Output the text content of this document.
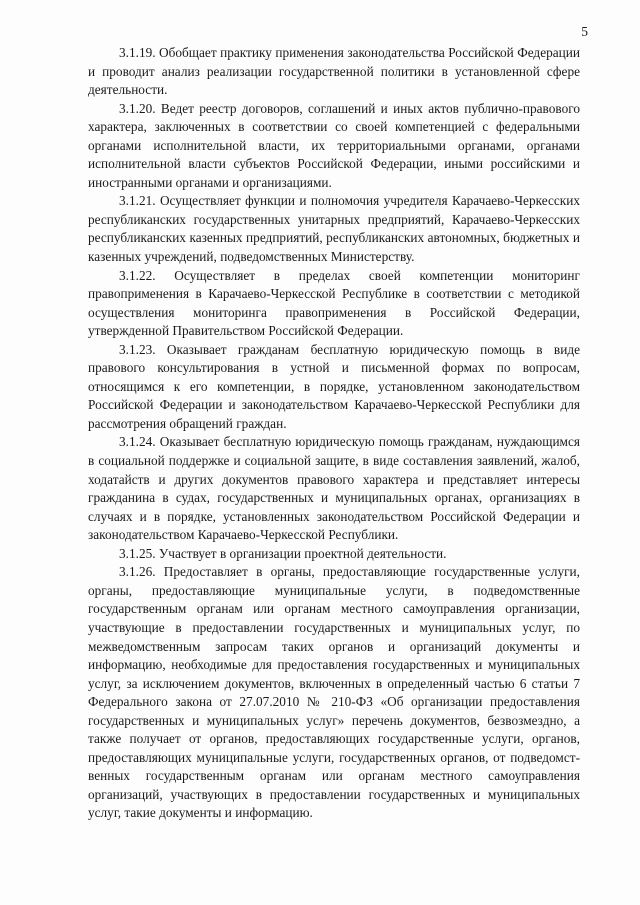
5

3.1.19. Обобщает практику применения законодательства Российской Федерации и проводит анализ реализации государственной политики в установленной сфере деятельности.

3.1.20. Ведет реестр договоров, соглашений и иных актов публично-правового характера, заключенных в соответствии со своей компетенцией с федеральными органами исполнительной власти, их территориальными органами, органами исполнительной власти субъектов Российской Федерации, иными российскими и иностранными органами и организациями.

3.1.21. Осуществляет функции и полномочия учредителя Карачаево-Черкесских республиканских государственных унитарных предприятий, Карачаево-Черкесских республиканских казенных предприятий, республиканских автономных, бюджетных и казенных учреждений, подведомственных Министерству.

3.1.22. Осуществляет в пределах своей компетенции мониторинг правоприменения в Карачаево-Черкесской Республике в соответствии с методикой осуществления мониторинга правоприменения в Российской Федерации, утвержденной Правительством Российской Федерации.

3.1.23. Оказывает гражданам бесплатную юридическую помощь в виде правового консультирования в устной и письменной формах по вопросам, относящимся к его компетенции, в порядке, установленном законодательством Российской Федерации и законодательством Карачаево-Черкесской Республики для рассмотрения обращений граждан.

3.1.24. Оказывает бесплатную юридическую помощь гражданам, нуждающимся в социальной поддержке и социальной защите, в виде составления заявлений, жалоб, ходатайств и других документов правового характера и представляет интересы гражданина в судах, государственных и муниципальных органах, организациях в случаях и в порядке, установленных законодательством Российской Федерации и законодательством Карачаево-Черкесской Республики.

3.1.25. Участвует в организации проектной деятельности.

3.1.26. Предоставляет в органы, предоставляющие государственные услуги, органы, предоставляющие муниципальные услуги, в подведомственные государственным органам или органам местного самоуправления организации, участвующие в предоставлении государственных и муниципальных услуг, по межведомственным запросам таких органов и организаций документы и информацию, необходимые для предоставления государственных и муниципальных услуг, за исключением документов, включенных в определенный частью 6 статьи 7 Федерального закона от 27.07.2010 № 210-ФЗ «Об организации предоставления государственных и муниципальных услуг» перечень документов, безвозмездно, а также получает от органов, предоставляющих государственные услуги, органов, предоставляющих муниципальные услуги, государственных органов, от подведомственных государственным органам или органам местного самоуправления организаций, участвующих в предоставлении государственных и муниципальных услуг, такие документы и информацию.
